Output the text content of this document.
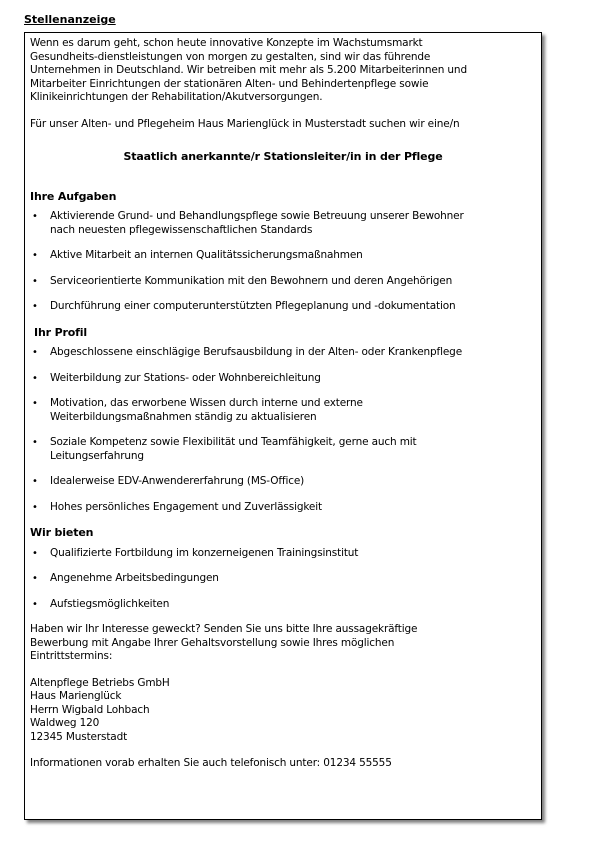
Stellenanzeige

Wenn es darum geht, schon heute innovative Konzepte im Wachstumsmarkt
Gesundheits-dienstleistungen von morgen zu gestalten, sind wir das führende
Unternehmen in Deutschland. Wir betreiben mit mehr als 5.200 Mitarbeiterinnen und
Mitarbeiter Einrichtungen der stationären Alten- und Behindertenpflege sowie
Klinikeinrichtungen der Rehabilitation/Akutversorgungen.

Für unser Alten- und Pflegeheim Haus Marienglück in Musterstadt suchen wir eine/n

Staatlich anerkannte/r Stationsleiter/in in der Pflege

Ihre Aufgaben
• Aktivierende Grund- und Behandlungspflege sowie Betreuung unserer Bewohner
nach neuesten pflegewissenschaftlichen Standards
• Aktive Mitarbeit an internen Qualitätssicherungsmaßnahmen
• Serviceorientierte Kommunikation mit den Bewohnern und deren Angehörigen
• Durchführung einer computerunterstützten Pflegeplanung und -dokumentation
Ihr Profil
• Abgeschlossene einschlägige Berufsausbildung in der Alten- oder Krankenpflege
• Weiterbildung zur Stations- oder Wohnbereichleitung
• Motivation, das erworbene Wissen durch interne und externe
Weiterbildungsmaßnahmen ständig zu aktualisieren
• Soziale Kompetenz sowie Flexibilität und Teamfähigkeit, gerne auch mit
Leitungserfahrung
• Idealerweise EDV-Anwendererfahrung (MS-Office)
• Hohes persönliches Engagement und Zuverlässigkeit
Wir bieten
• Qualifizierte Fortbildung im konzerneigenen Trainingsinstitut
• Angenehme Arbeitsbedingungen
• Aufstiegsmöglichkeiten

Haben wir Ihr Interesse geweckt? Senden Sie uns bitte Ihre aussagekräftige
Bewerbung mit Angabe Ihrer Gehaltsvorstellung sowie Ihres möglichen
Eintrittstermins:

Altenpflege Betriebs GmbH
Haus Marienglück
Herrn Wigbald Lohbach
Waldweg 120
12345 Musterstadt

Informationen vorab erhalten Sie auch telefonisch unter: 01234 55555
